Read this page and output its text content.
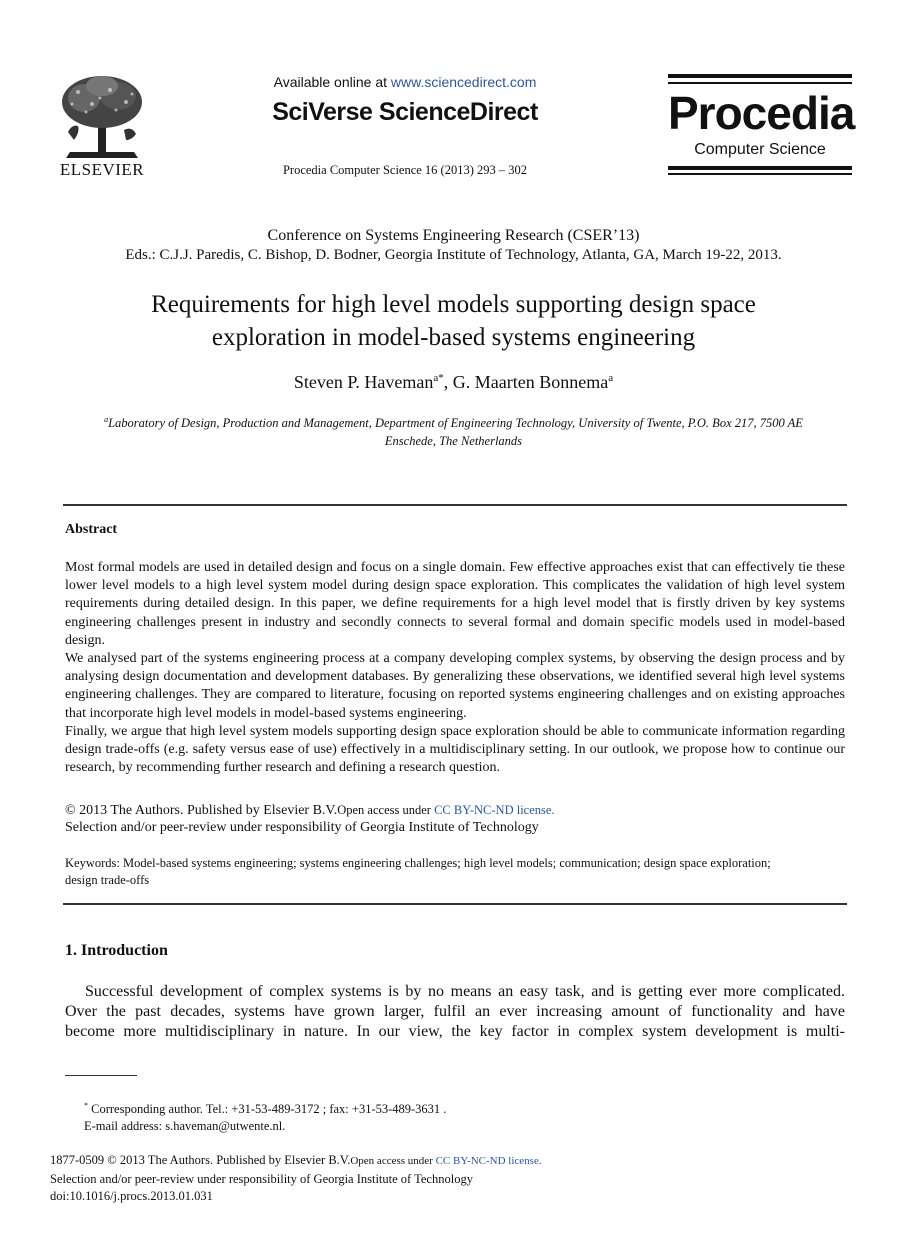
ELSEVIER
Available online at www.sciencedirect.com
SciVerse ScienceDirect
Procedia Computer Science 16 (2013) 293 – 302
Procedia
Computer Science
Conference on Systems Engineering Research (CSER’13)
Eds.: C.J.J. Paredis, C. Bishop, D. Bodner, Georgia Institute of Technology, Atlanta, GA, March 19-22, 2013.
Requirements for high level models supporting design space
exploration in model-based systems engineering
Steven P. Haveman$^{a*}$, G. Maarten Bonnema$^a$
$^a$Laboratory of Design, Production and Management, Department of Engineering Technology, University of Twente, P.O. Box 217, 7500 AE
Enschede, The Netherlands
Abstract
Most formal models are used in detailed design and focus on a single domain. Few effective approaches exist that can effectively tie these lower level models to a high level system model during design space exploration. This complicates the validation of high level system requirements during detailed design. In this paper, we define requirements for a high level model that is firstly driven by key systems engineering challenges present in industry and secondly connects to several formal and domain specific models used in model-based design.
We analysed part of the systems engineering process at a company developing complex systems, by observing the design process and by analysing design documentation and development databases. By generalizing these observations, we identified several high level systems engineering challenges. They are compared to literature, focusing on reported systems engineering challenges and on existing approaches that incorporate high level models in model-based systems engineering.
Finally, we argue that high level system models supporting design space exploration should be able to communicate information regarding design trade-offs (e.g. safety versus ease of use) effectively in a multidisciplinary setting. In our outlook, we propose how to continue our research, by recommending further research and defining a research question.
© 2013 The Authors. Published by Elsevier B.V.Open access under CC BY-NC-ND license.
Selection and/or peer-review under responsibility of Georgia Institute of Technology
Keywords: Model-based systems engineering; systems engineering challenges; high level models; communication; design space exploration;
design trade-offs
1. Introduction
Successful development of complex systems is by no means an easy task, and is getting ever more complicated.
Over the past decades, systems have grown larger, fulfil an ever increasing amount of functionality and have
become more multidisciplinary in nature. In our view, the key factor in complex system development is multi-
* Corresponding author. Tel.: +31-53-489-3172 ; fax: +31-53-489-3631 .
E-mail address: s.haveman@utwente.nl.
1877-0509 © 2013 The Authors. Published by Elsevier B.V.Open access under CC BY-NC-ND license.
Selection and/or peer-review under responsibility of Georgia Institute of Technology
doi:10.1016/j.procs.2013.01.031
